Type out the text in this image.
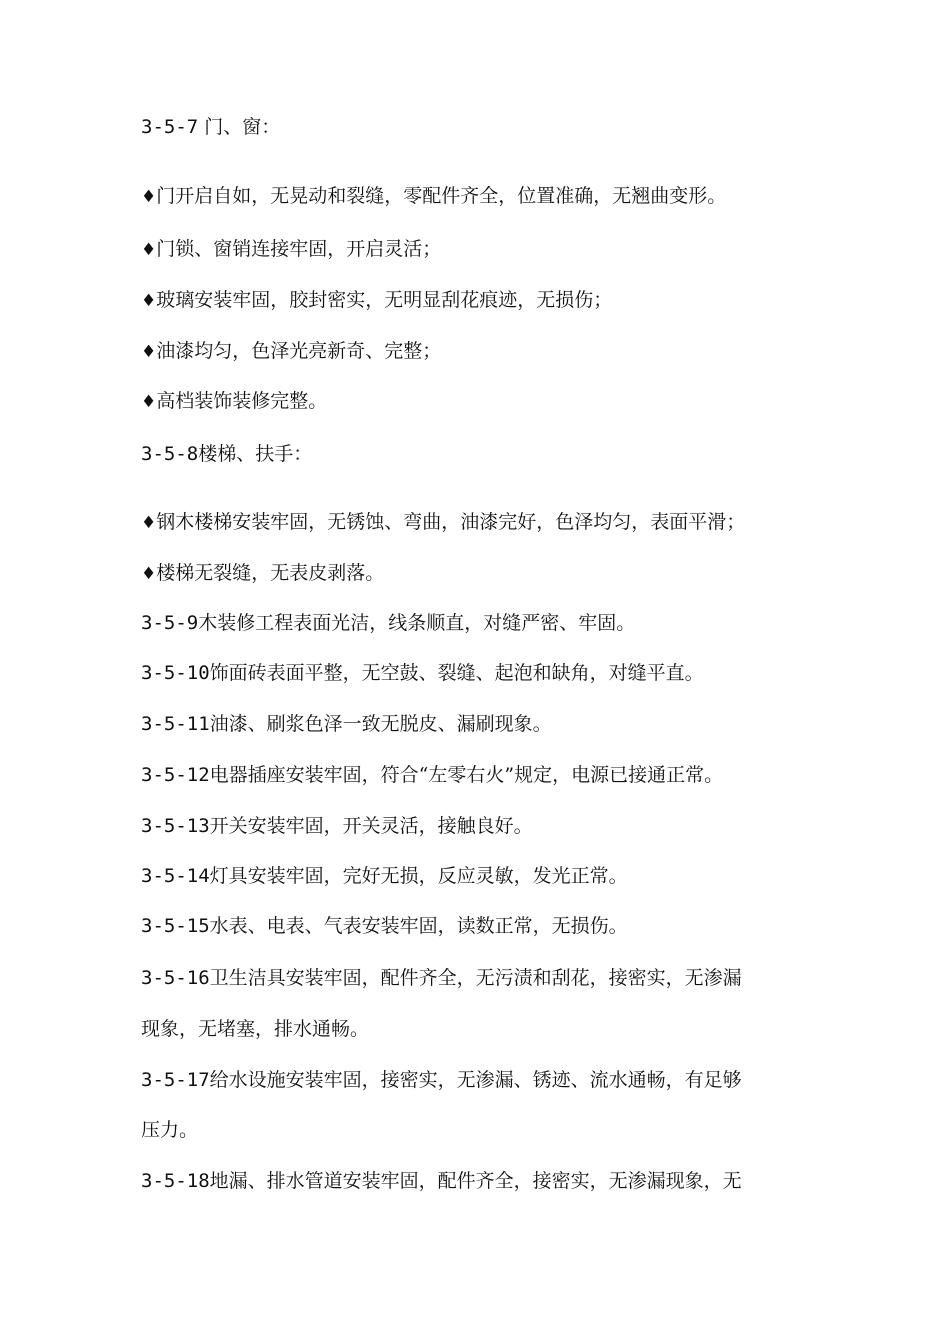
3-5-7 门、窗：
♦门开启自如，无晃动和裂缝，零配件齐全，位置准确，无翘曲变形。
♦门锁、窗销连接牢固，开启灵活；
♦玻璃安装牢固，胶封密实，无明显刮花痕迹，无损伤；
♦油漆均匀，色泽光亮新奇、完整；
♦高档装饰装修完整。
3-5-8楼梯、扶手：
♦钢木楼梯安装牢固，无锈蚀、弯曲，油漆完好，色泽均匀，表面平滑；
♦楼梯无裂缝，无表皮剥落。
3-5-9木装修工程表面光洁，线条顺直，对缝严密、牢固。
3-5-10饰面砖表面平整，无空鼓、裂缝、起泡和缺角，对缝平直。
3-5-11油漆、刷浆色泽一致无脱皮、漏刷现象。
3-5-12电器插座安装牢固，符合“左零右火”规定，电源已接通正常。
3-5-13开关安装牢固，开关灵活，接触良好。
3-5-14灯具安装牢固，完好无损，反应灵敏，发光正常。
3-5-15水表、电表、气表安装牢固，读数正常，无损伤。
3-5-16卫生洁具安装牢固，配件齐全，无污渍和刮花，接密实，无渗漏
现象，无堵塞，排水通畅。
3-5-17给水设施安装牢固，接密实，无渗漏、锈迹、流水通畅，有足够
压力。
3-5-18地漏、排水管道安装牢固，配件齐全，接密实，无渗漏现象，无
